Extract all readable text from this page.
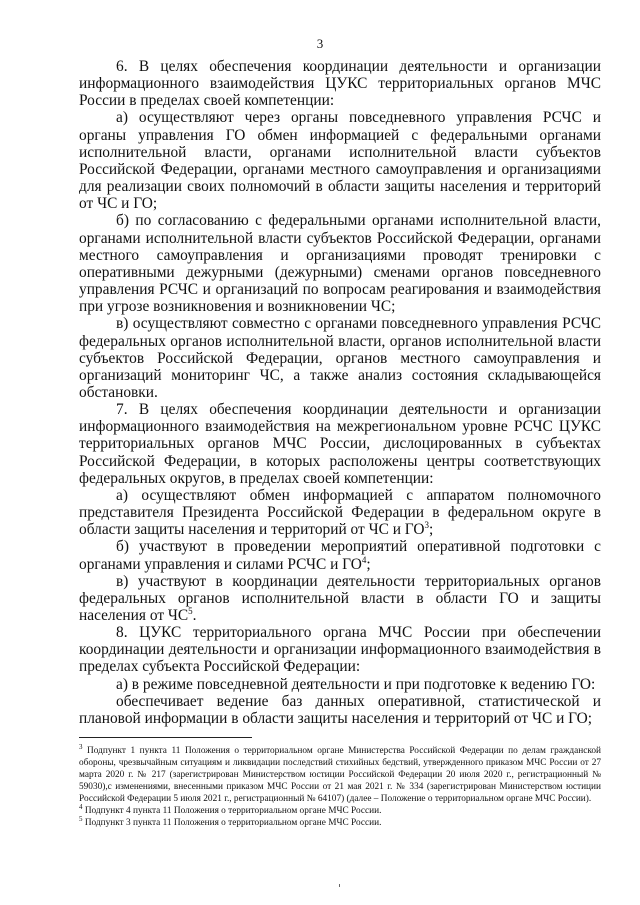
3

6. В целях обеспечения координации деятельности и организации информационного взаимодействия ЦУКС территориальных органов МЧС России в пределах своей компетенции:

а) осуществляют через органы повседневного управления РСЧС и органы управления ГО обмен информацией с федеральными органами исполнительной власти, органами исполнительной власти субъектов Российской Федерации, органами местного самоуправления и организациями для реализации своих полномочий в области защиты населения и территорий от ЧС и ГО;

б) по согласованию с федеральными органами исполнительной власти, органами исполнительной власти субъектов Российской Федерации, органами местного самоуправления и организациями проводят тренировки с оперативными дежурными (дежурными) сменами органов повседневного управления РСЧС и организаций по вопросам реагирования и взаимодействия при угрозе возникновения и возникновении ЧС;

в) осуществляют совместно с органами повседневного управления РСЧС федеральных органов исполнительной власти, органов исполнительной власти субъектов Российской Федерации, органов местного самоуправления и организаций мониторинг ЧС, а также анализ состояния складывающейся обстановки.

7. В целях обеспечения координации деятельности и организации информационного взаимодействия на межрегиональном уровне РСЧС ЦУКС территориальных органов МЧС России, дислоцированных в субъектах Российской Федерации, в которых расположены центры соответствующих федеральных округов, в пределах своей компетенции:

а) осуществляют обмен информацией с аппаратом полномочного представителя Президента Российской Федерации в федеральном округе в области защиты населения и территорий от ЧС и $ГО^3$;

б) участвуют в проведении мероприятий оперативной подготовки с органами управления и силами РСЧС и $ГО^4$;

в) участвуют в координации деятельности территориальных органов федеральных органов исполнительной власти в области ГО и защиты населения от $ЧС^5$.

8. ЦУКС территориального органа МЧС России при обеспечении координации деятельности и организации информационного взаимодействия в пределах субъекта Российской Федерации:

а) в режиме повседневной деятельности и при подготовке к ведению ГО:

обеспечивает ведение баз данных оперативной, статистической и плановой информации в области защиты населения и территорий от ЧС и ГО;

$^3$ Подпункт 1 пункта 11 Положения о территориальном органе Министерства Российской Федерации по делам гражданской обороны, чрезвычайным ситуациям и ликвидации последствий стихийных бедствий, утвержденного приказом МЧС России от 27 марта 2020 г. № 217 (зарегистрирован Министерством юстиции Российской Федерации 20 июля 2020 г., регистрационный № 59030),с изменениями, внесенными приказом МЧС России от 21 мая 2021 г. № 334 (зарегистрирован Министерством юстиции Российской Федерации 5 июля 2021 г., регистрационный № 64107) (далее – Положение о территориальном органе МЧС России).

$^4$ Подпункт 4 пункта 11 Положения о территориальном органе МЧС России.

$^5$ Подпункт 3 пункта 11 Положения о территориальном органе МЧС России.
